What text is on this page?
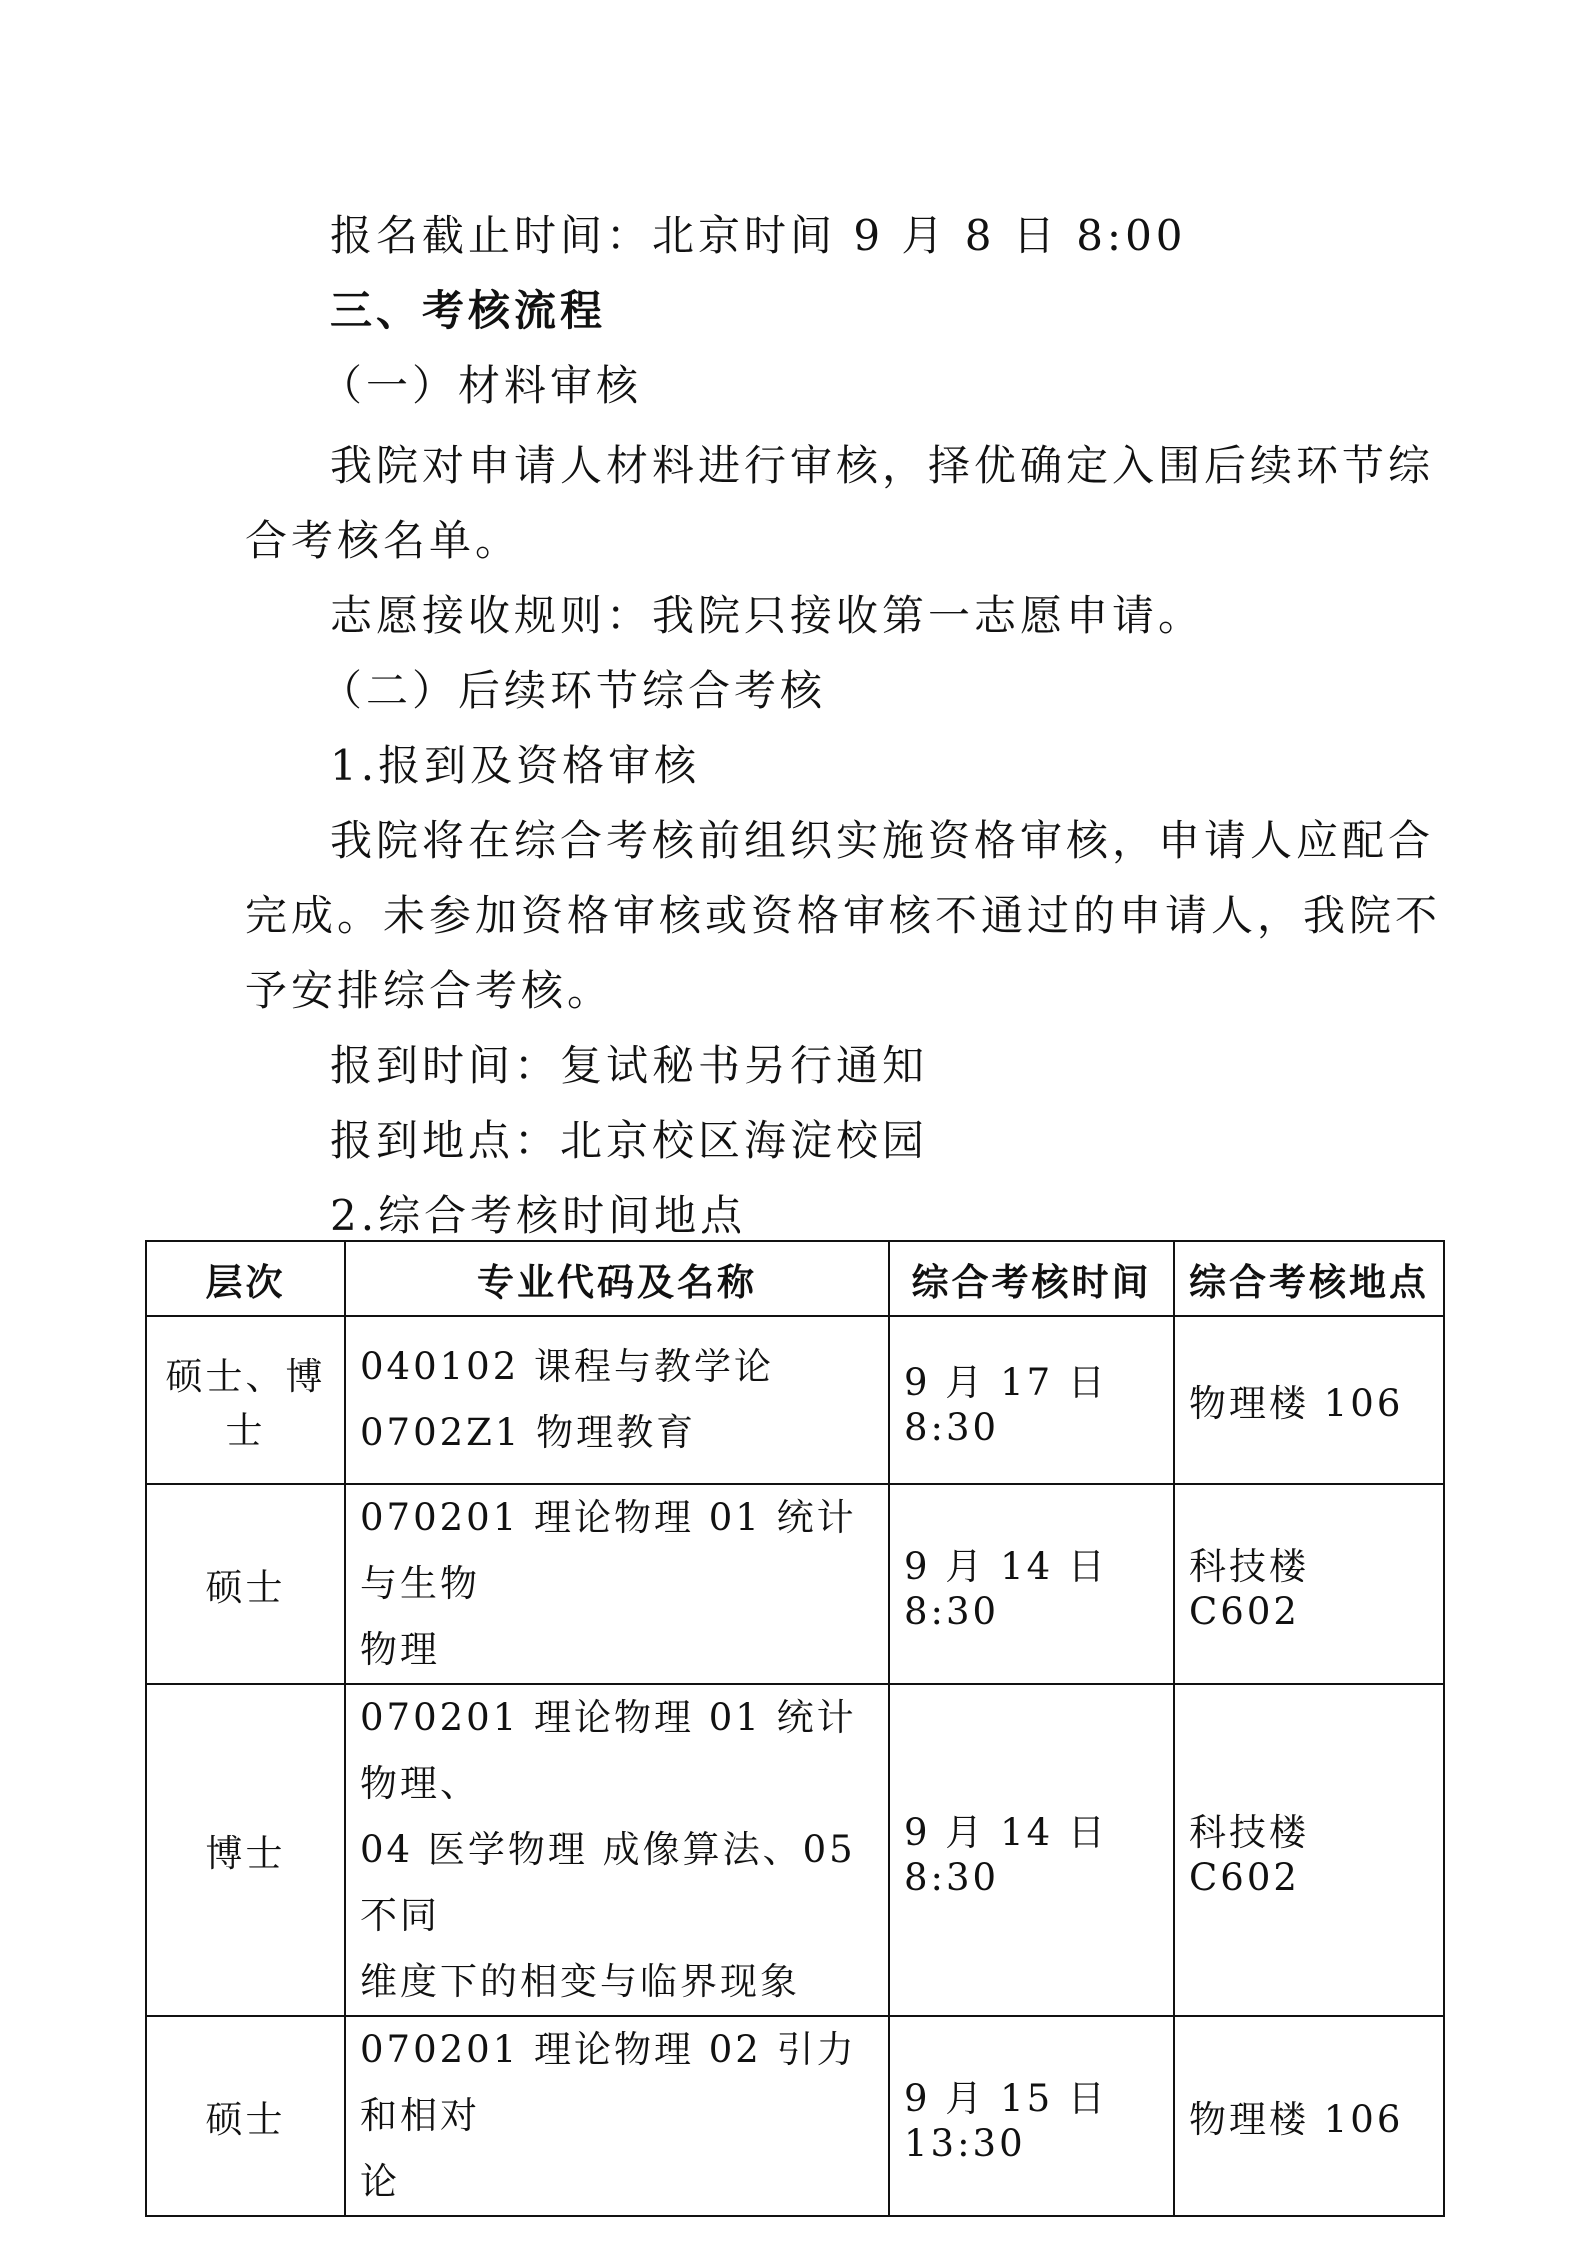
报名截止时间：北京时间 9 月 8 日 8:00
三、考核流程
（一）材料审核
我院对申请人材料进行审核，择优确定入围后续环节综
合考核名单。
志愿接收规则：我院只接收第一志愿申请。
（二）后续环节综合考核
1.报到及资格审核
我院将在综合考核前组织实施资格审核，申请人应配合
完成。未参加资格审核或资格审核不通过的申请人，我院不
予安排综合考核。
报到时间：复试秘书另行通知
报到地点：北京校区海淀校园
2.综合考核时间地点
层次	专业代码及名称	综合考核时间	综合考核地点
硕士、博士	040102 课程与教学论
0702Z1 物理教育	9 月 17 日 8:30	物理楼 106
硕士	070201 理论物理 01 统计与生物
物理	9 月 14 日 8:30	科技楼 C602
博士	070201 理论物理 01 统计物理、
04 医学物理 成像算法、05 不同
维度下的相变与临界现象	9 月 14 日 8:30	科技楼 C602
硕士	070201 理论物理 02 引力和相对
论	9 月 15 日 13:30	物理楼 106
